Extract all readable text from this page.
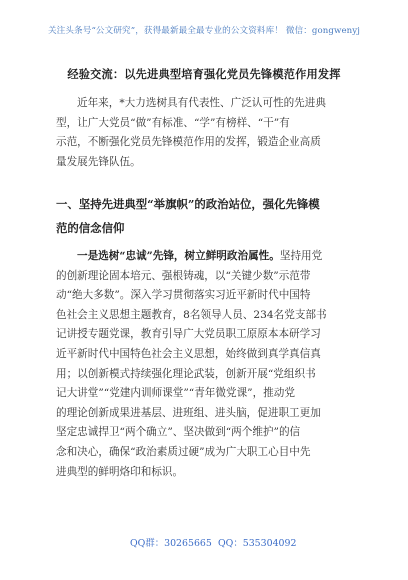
关注头条号“公文研究”，获得最新最全最专业的公文资料库！ 微信：gongwenyj
经验交流：以先进典型培育强化党员先锋模范作用发挥
近年来，*大力选树具有代表性、广泛认可性的先进典
型，让广大党员“做”有标准、“学”有榜样、“干”有
示范，不断强化党员先锋模范作用的发挥，锻造企业高质
量发展先锋队伍。
一、坚持先进典型“举旗帜”的政治站位，强化先锋模
范的信念信仰
一是选树“忠诚”先锋，树立鲜明政治属性。坚持用党
的创新理论固本培元、强根铸魂，以“关键少数”示范带
动“绝大多数”。深入学习贯彻落实习近平新时代中国特
色社会主义思想主题教育，8名领导人员、234名党支部书
记讲授专题党课，教育引导广大党员职工原原本本研学习
近平新时代中国特色社会主义思想，始终做到真学真信真
用；以创新模式持续强化理论武装，创新开展“党组织书
记大讲堂”“党建内训师课堂”“青年微党课”，推动党
的理论创新成果进基层、进班组、进头脑，促进职工更加
坚定忠诚捍卫“两个确立”、坚决做到“两个维护”的信
念和决心，确保“政治素质过硬”成为广大职工心目中先
进典型的鲜明烙印和标识。
QQ群：30265665 QQ：535304092
